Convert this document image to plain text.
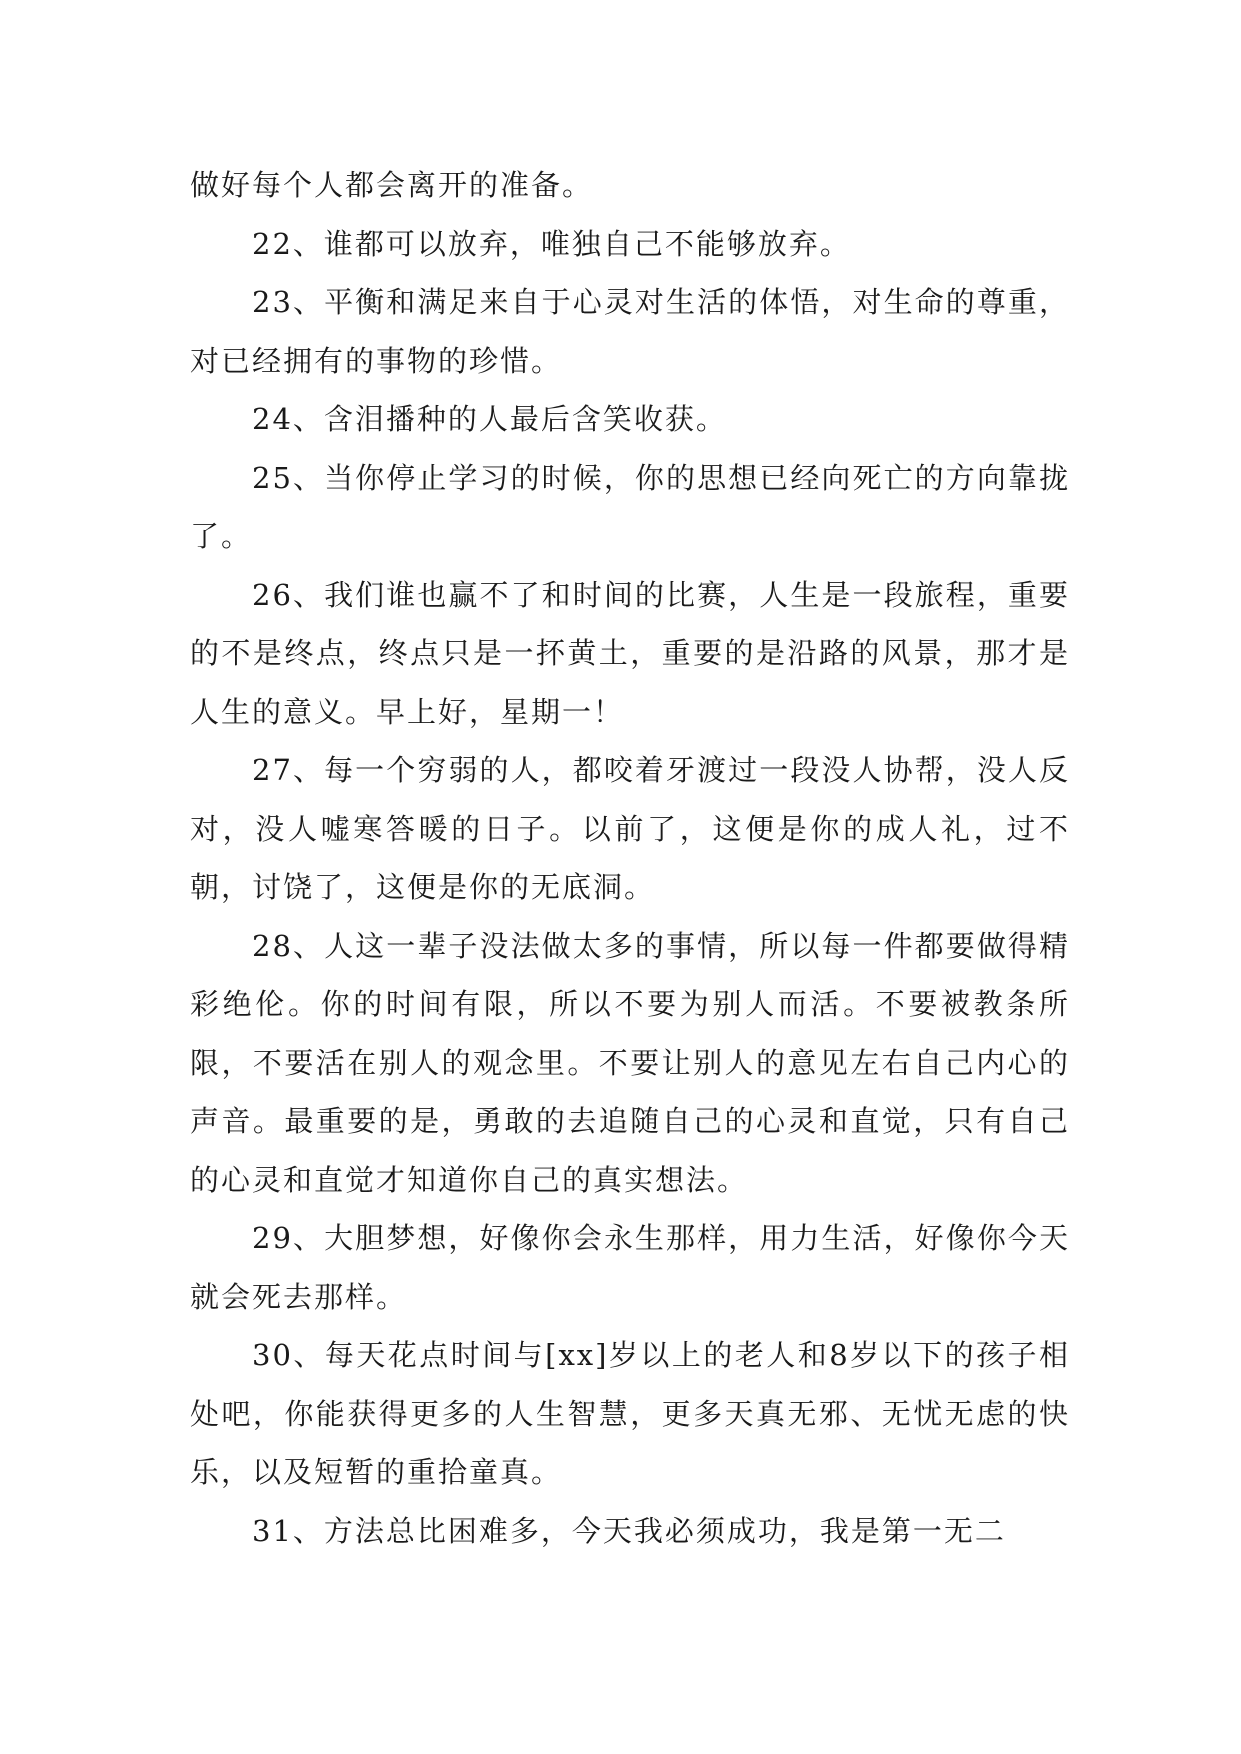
做好每个人都会离开的准备。

22、谁都可以放弃，唯独自己不能够放弃。

23、平衡和满足来自于心灵对生活的体悟，对生命的尊重，对已经拥有的事物的珍惜。

24、含泪播种的人最后含笑收获。

25、当你停止学习的时候，你的思想已经向死亡的方向靠拢了。

26、我们谁也赢不了和时间的比赛，人生是一段旅程，重要的不是终点，终点只是一抔黄土，重要的是沿路的风景，那才是人生的意义。早上好，星期一！

27、每一个穷弱的人，都咬着牙渡过一段没人协帮，没人反对，没人嘘寒答暖的日子。以前了，这便是你的成人礼，过不朝，讨饶了，这便是你的无底洞。

28、人这一辈子没法做太多的事情，所以每一件都要做得精彩绝伦。你的时间有限，所以不要为别人而活。不要被教条所限，不要活在别人的观念里。不要让别人的意见左右自己内心的声音。最重要的是，勇敢的去追随自己的心灵和直觉，只有自己的心灵和直觉才知道你自己的真实想法。

29、大胆梦想，好像你会永生那样，用力生活，好像你今天就会死去那样。

30、每天花点时间与[xx]岁以上的老人和8岁以下的孩子相处吧，你能获得更多的人生智慧，更多天真无邪、无忧无虑的快乐，以及短暂的重拾童真。

31、方法总比困难多，今天我必须成功，我是第一无二
